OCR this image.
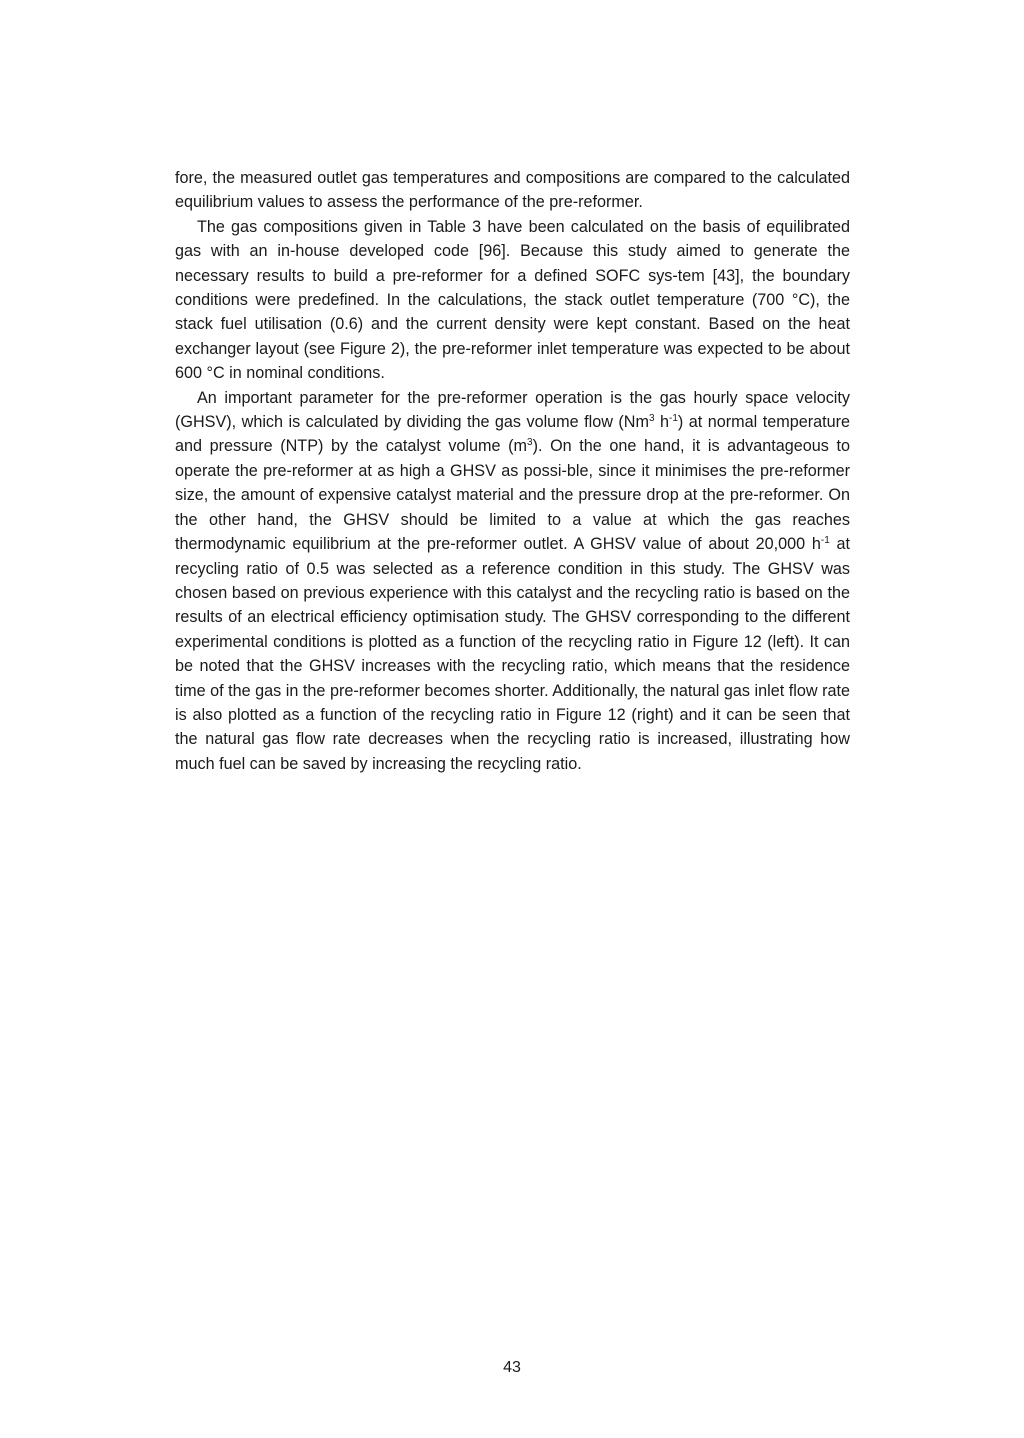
fore, the measured outlet gas temperatures and compositions are compared to the calculated equilibrium values to assess the performance of the pre-reformer.

The gas compositions given in Table 3 have been calculated on the basis of equilibrated gas with an in-house developed code [96]. Because this study aimed to generate the necessary results to build a pre-reformer for a defined SOFC sys-tem [43], the boundary conditions were predefined. In the calculations, the stack outlet temperature (700 °C), the stack fuel utilisation (0.6) and the current density were kept constant. Based on the heat exchanger layout (see Figure 2), the pre-reformer inlet temperature was expected to be about 600 °C in nominal conditions.

An important parameter for the pre-reformer operation is the gas hourly space velocity (GHSV), which is calculated by dividing the gas volume flow (Nm$^3$ $h^{-1}$) at normal temperature and pressure (NTP) by the catalyst volume $(m^3)$. On the one hand, it is advantageous to operate the pre-reformer at as high a GHSV as possi-ble, since it minimises the pre-reformer size, the amount of expensive catalyst material and the pressure drop at the pre-reformer. On the other hand, the GHSV should be limited to a value at which the gas reaches thermodynamic equilibrium at the pre-reformer outlet. A GHSV value of about 20,000 $h^{-1}$ at recycling ratio of 0.5 was selected as a reference condition in this study. The GHSV was chosen based on previous experience with this catalyst and the recycling ratio is based on the results of an electrical efficiency optimisation study. The GHSV corresponding to the different experimental conditions is plotted as a function of the recycling ratio in Figure 12 (left). It can be noted that the GHSV increases with the recycling ratio, which means that the residence time of the gas in the pre-reformer becomes shorter. Additionally, the natural gas inlet flow rate is also plotted as a function of the recycling ratio in Figure 12 (right) and it can be seen that the natural gas flow rate decreases when the recycling ratio is increased, illustrating how much fuel can be saved by increasing the recycling ratio.

43
